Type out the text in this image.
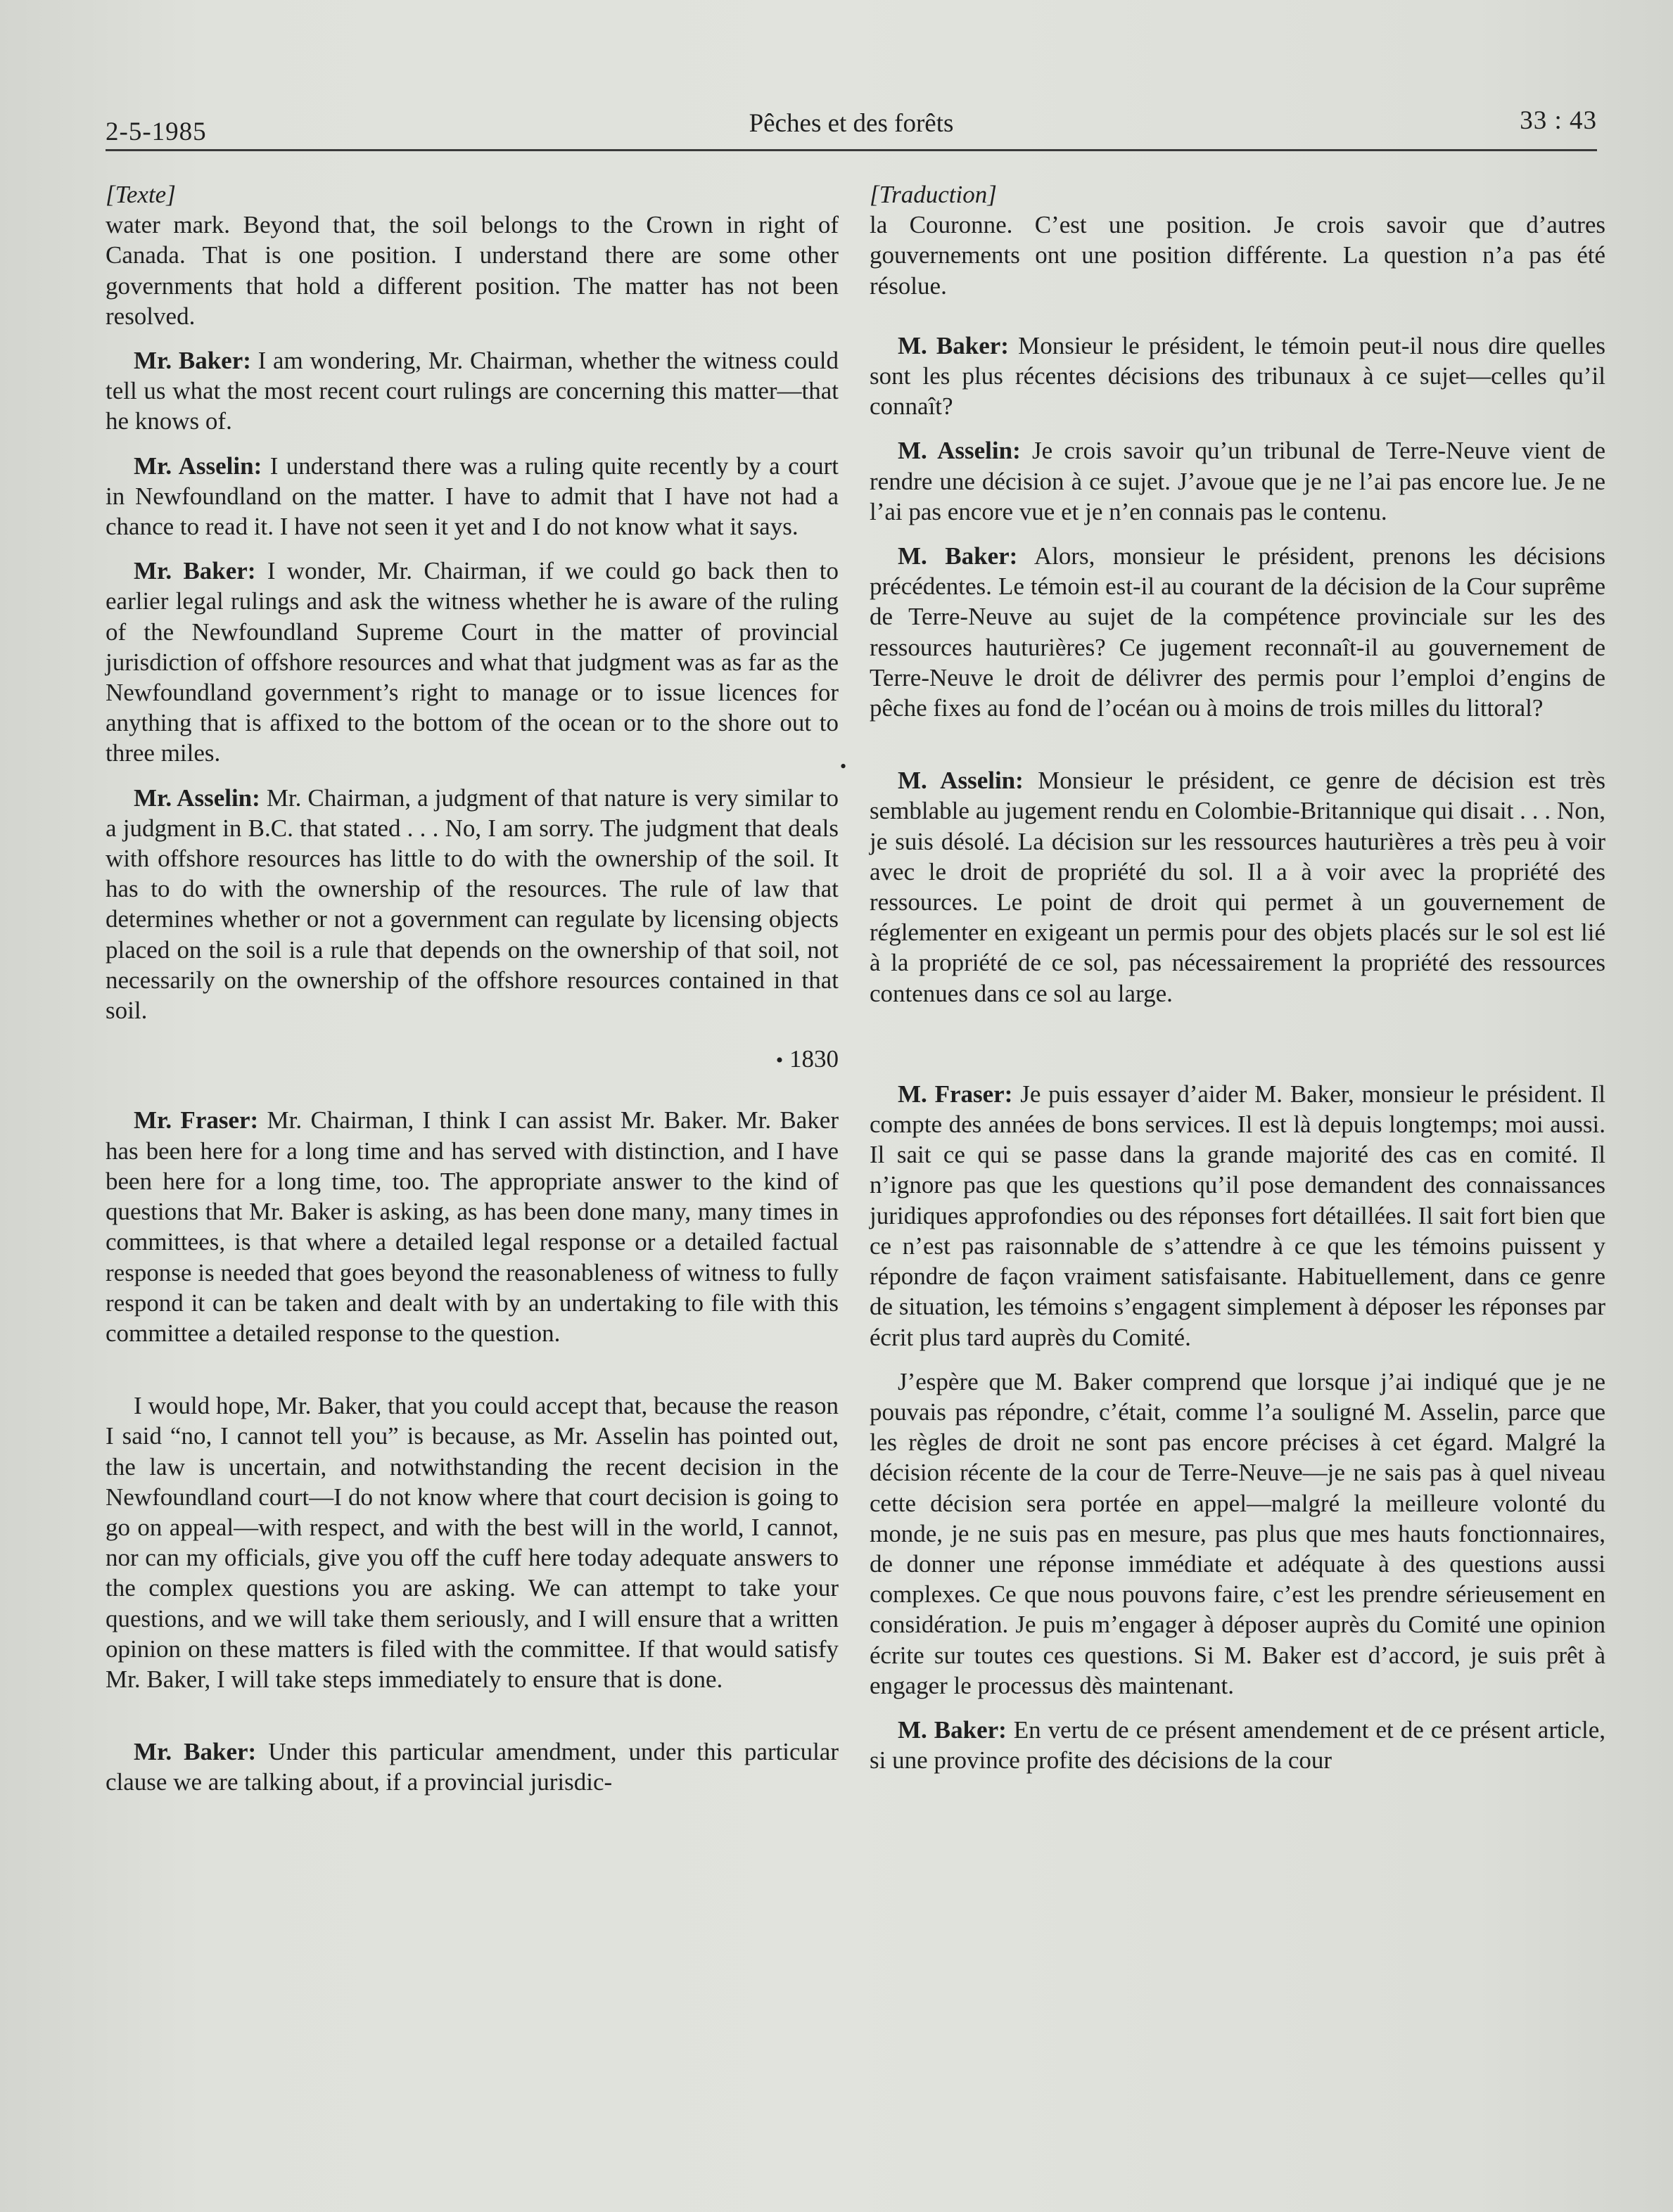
2-5-1985	Pêches et des forêts	33 : 43

[Texte]

water mark. Beyond that, the soil belongs to the Crown in right of Canada. That is one position. I understand there are some other governments that hold a different position. The matter has not been resolved.

Mr. Baker: I am wondering, Mr. Chairman, whether the witness could tell us what the most recent court rulings are concerning this matter—that he knows of.

Mr. Asselin: I understand there was a ruling quite recently by a court in Newfoundland on the matter. I have to admit that I have not had a chance to read it. I have not seen it yet and I do not know what it says.

Mr. Baker: I wonder, Mr. Chairman, if we could go back then to earlier legal rulings and ask the witness whether he is aware of the ruling of the Newfoundland Supreme Court in the matter of provincial jurisdiction of offshore resources and what that judgment was as far as the Newfoundland government’s right to manage or to issue licences for anything that is affixed to the bottom of the ocean or to the shore out to three miles.

Mr. Asselin: Mr. Chairman, a judgment of that nature is very similar to a judgment in B.C. that stated . . . No, I am sorry. The judgment that deals with offshore resources has little to do with the ownership of the soil. It has to do with the ownership of the resources. The rule of law that determines whether or not a government can regulate by licensing objects placed on the soil is a rule that depends on the ownership of that soil, not necessarily on the ownership of the offshore resources contained in that soil.

• 1830

Mr. Fraser: Mr. Chairman, I think I can assist Mr. Baker. Mr. Baker has been here for a long time and has served with distinction, and I have been here for a long time, too. The appropriate answer to the kind of questions that Mr. Baker is asking, as has been done many, many times in committees, is that where a detailed legal response or a detailed factual response is needed that goes beyond the reasonableness of witness to fully respond it can be taken and dealt with by an undertaking to file with this committee a detailed response to the question.

I would hope, Mr. Baker, that you could accept that, because the reason I said “no, I cannot tell you” is because, as Mr. Asselin has pointed out, the law is uncertain, and notwithstanding the recent decision in the Newfoundland court—I do not know where that court decision is going to go on appeal—with respect, and with the best will in the world, I cannot, nor can my officials, give you off the cuff here today adequate answers to the complex questions you are asking. We can attempt to take your questions, and we will take them seriously, and I will ensure that a written opinion on these matters is filed with the committee. If that would satisfy Mr. Baker, I will take steps immediately to ensure that is done.

Mr. Baker: Under this particular amendment, under this particular clause we are talking about, if a provincial jurisdic-

•

[Traduction]

la Couronne. C’est une position. Je crois savoir que d’autres gouvernements ont une position différente. La question n’a pas été résolue.

M. Baker: Monsieur le président, le témoin peut-il nous dire quelles sont les plus récentes décisions des tribunaux à ce sujet—celles qu’il connaît?

M. Asselin: Je crois savoir qu’un tribunal de Terre-Neuve vient de rendre une décision à ce sujet. J’avoue que je ne l’ai pas encore lue. Je ne l’ai pas encore vue et je n’en connais pas le contenu.

M. Baker: Alors, monsieur le président, prenons les décisions précédentes. Le témoin est-il au courant de la décision de la Cour suprême de Terre-Neuve au sujet de la compétence provinciale sur les des ressources hauturières? Ce jugement reconnaît-il au gouvernement de Terre-Neuve le droit de délivrer des permis pour l’emploi d’engins de pêche fixes au fond de l’océan ou à moins de trois milles du littoral?

M. Asselin: Monsieur le président, ce genre de décision est très semblable au jugement rendu en Colombie-Britannique qui disait . . . Non, je suis désolé. La décision sur les ressources hauturières a très peu à voir avec le droit de propriété du sol. Il a à voir avec la propriété des ressources. Le point de droit qui permet à un gouvernement de réglementer en exigeant un permis pour des objets placés sur le sol est lié à la propriété de ce sol, pas nécessairement la propriété des ressources contenues dans ce sol au large.

M. Fraser: Je puis essayer d’aider M. Baker, monsieur le président. Il compte des années de bons services. Il est là depuis longtemps; moi aussi. Il sait ce qui se passe dans la grande majorité des cas en comité. Il n’ignore pas que les questions qu’il pose demandent des connaissances juridiques approfondies ou des réponses fort détaillées. Il sait fort bien que ce n’est pas raisonnable de s’attendre à ce que les témoins puissent y répondre de façon vraiment satisfaisante. Habituellement, dans ce genre de situation, les témoins s’engagent simplement à déposer les réponses par écrit plus tard auprès du Comité.

J’espère que M. Baker comprend que lorsque j’ai indiqué que je ne pouvais pas répondre, c’était, comme l’a souligné M. Asselin, parce que les règles de droit ne sont pas encore précises à cet égard. Malgré la décision récente de la cour de Terre-Neuve—je ne sais pas à quel niveau cette décision sera portée en appel—malgré la meilleure volonté du monde, je ne suis pas en mesure, pas plus que mes hauts fonctionnaires, de donner une réponse immédiate et adéquate à des questions aussi complexes. Ce que nous pouvons faire, c’est les prendre sérieusement en considération. Je puis m’engager à déposer auprès du Comité une opinion écrite sur toutes ces questions. Si M. Baker est d’accord, je suis prêt à engager le processus dès maintenant.

M. Baker: En vertu de ce présent amendement et de ce présent article, si une province profite des décisions de la cour
